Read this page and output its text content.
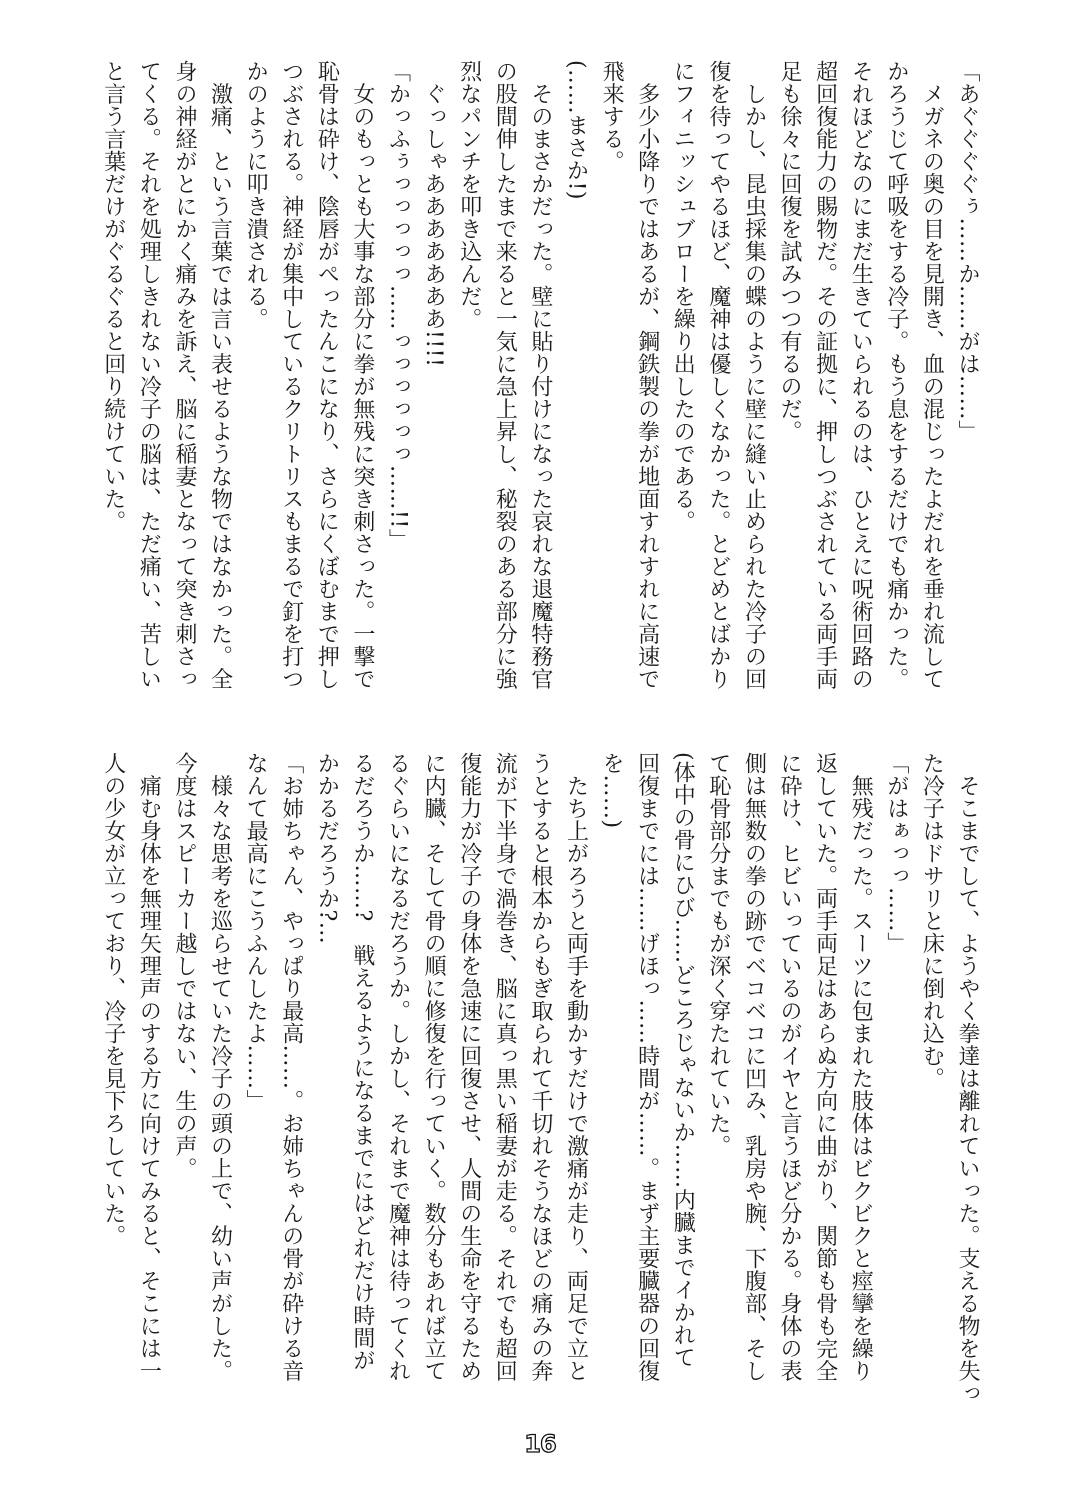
「あぐぐぐぐぅ……か……がは……」
　メガネの奥の目を見開き、血の混じったよだれを垂れ流して
かろうじて呼吸をする冷子。もう息をするだけでも痛かった。
それほどなのにまだ生きていられるのは、ひとえに呪術回路の
超回復能力の賜物だ。その証拠に、押しつぶされている両手両
足も徐々に回復を試みつつ有るのだ。
　しかし、昆虫採集の蝶のように壁に縫い止められた冷子の回
復を待ってやるほど、魔神は優しくなかった。とどめとばかり
にフィニッシュブローを繰り出したのである。
　多少小降りではあるが、鋼鉄製の拳が地面すれすれに高速で
飛来する。
(……まさか!)
　そのまさかだった。壁に貼り付けになった哀れな退魔特務官
の股間伸したまで来ると一気に急上昇し、秘裂のある部分に強
烈なパンチを叩き込んだ。
　ぐっしゃあああああああ!!!!
「かっふぅっっっっっ……っっっっっっ……!!」
　女のもっとも大事な部分に拳が無残に突き刺さった。一撃で
恥骨は砕け、陰唇がぺったんこになり、さらにくぼむまで押し
つぶされる。神経が集中しているクリトリスもまるで釘を打つ
かのように叩き潰される。
　激痛、という言葉では言い表せるような物ではなかった。全
身の神経がとにかく痛みを訴え、脳に稲妻となって突き刺さっ
てくる。それを処理しきれない冷子の脳は、ただ痛い、苦しい
と言う言葉だけがぐるぐると回り続けていた。
　そこまでして、ようやく拳達は離れていった。支える物を失っ
た冷子はドサリと床に倒れ込む。
「がはぁっっ……」
　無残だった。スーツに包まれた肢体はビクビクと痙攣を繰り
返していた。両手両足はあらぬ方向に曲がり、関節も骨も完全
に砕け、ヒビいっているのがイヤと言うほど分かる。身体の表
側は無数の拳の跡でベコベコに凹み、乳房や腕、下腹部、そし
て恥骨部分までもが深く穿たれていた。
(体中の骨にひび……どころじゃないか……内臓までイかれて
回復までには……げほっ……時間が……。まず主要臓器の回復
を……)
　たち上がろうと両手を動かすだけで激痛が走り、両足で立と
うとすると根本からもぎ取られて千切れそうなほどの痛みの奔
流が下半身で渦巻き、脳に真っ黒い稲妻が走る。それでも超回
復能力が冷子の身体を急速に回復させ、人間の生命を守るため
に内臓、そして骨の順に修復を行っていく。数分もあれば立て
るぐらいになるだろうか。しかし、それまで魔神は待ってくれ
るだろうか……?　戦えるようになるまでにはどれだけ時間が
かかるだろうか?…
「お姉ちゃん、やっぱり最高……。お姉ちゃんの骨が砕ける音
なんて最高にこうふんしたよ……」
　様々な思考を巡らせていた冷子の頭の上で、幼い声がした。
今度はスピーカー越しではない、生の声。
　痛む身体を無理矢理声のする方に向けてみると、そこには一
人の少女が立っており、冷子を見下ろしていた。
16
